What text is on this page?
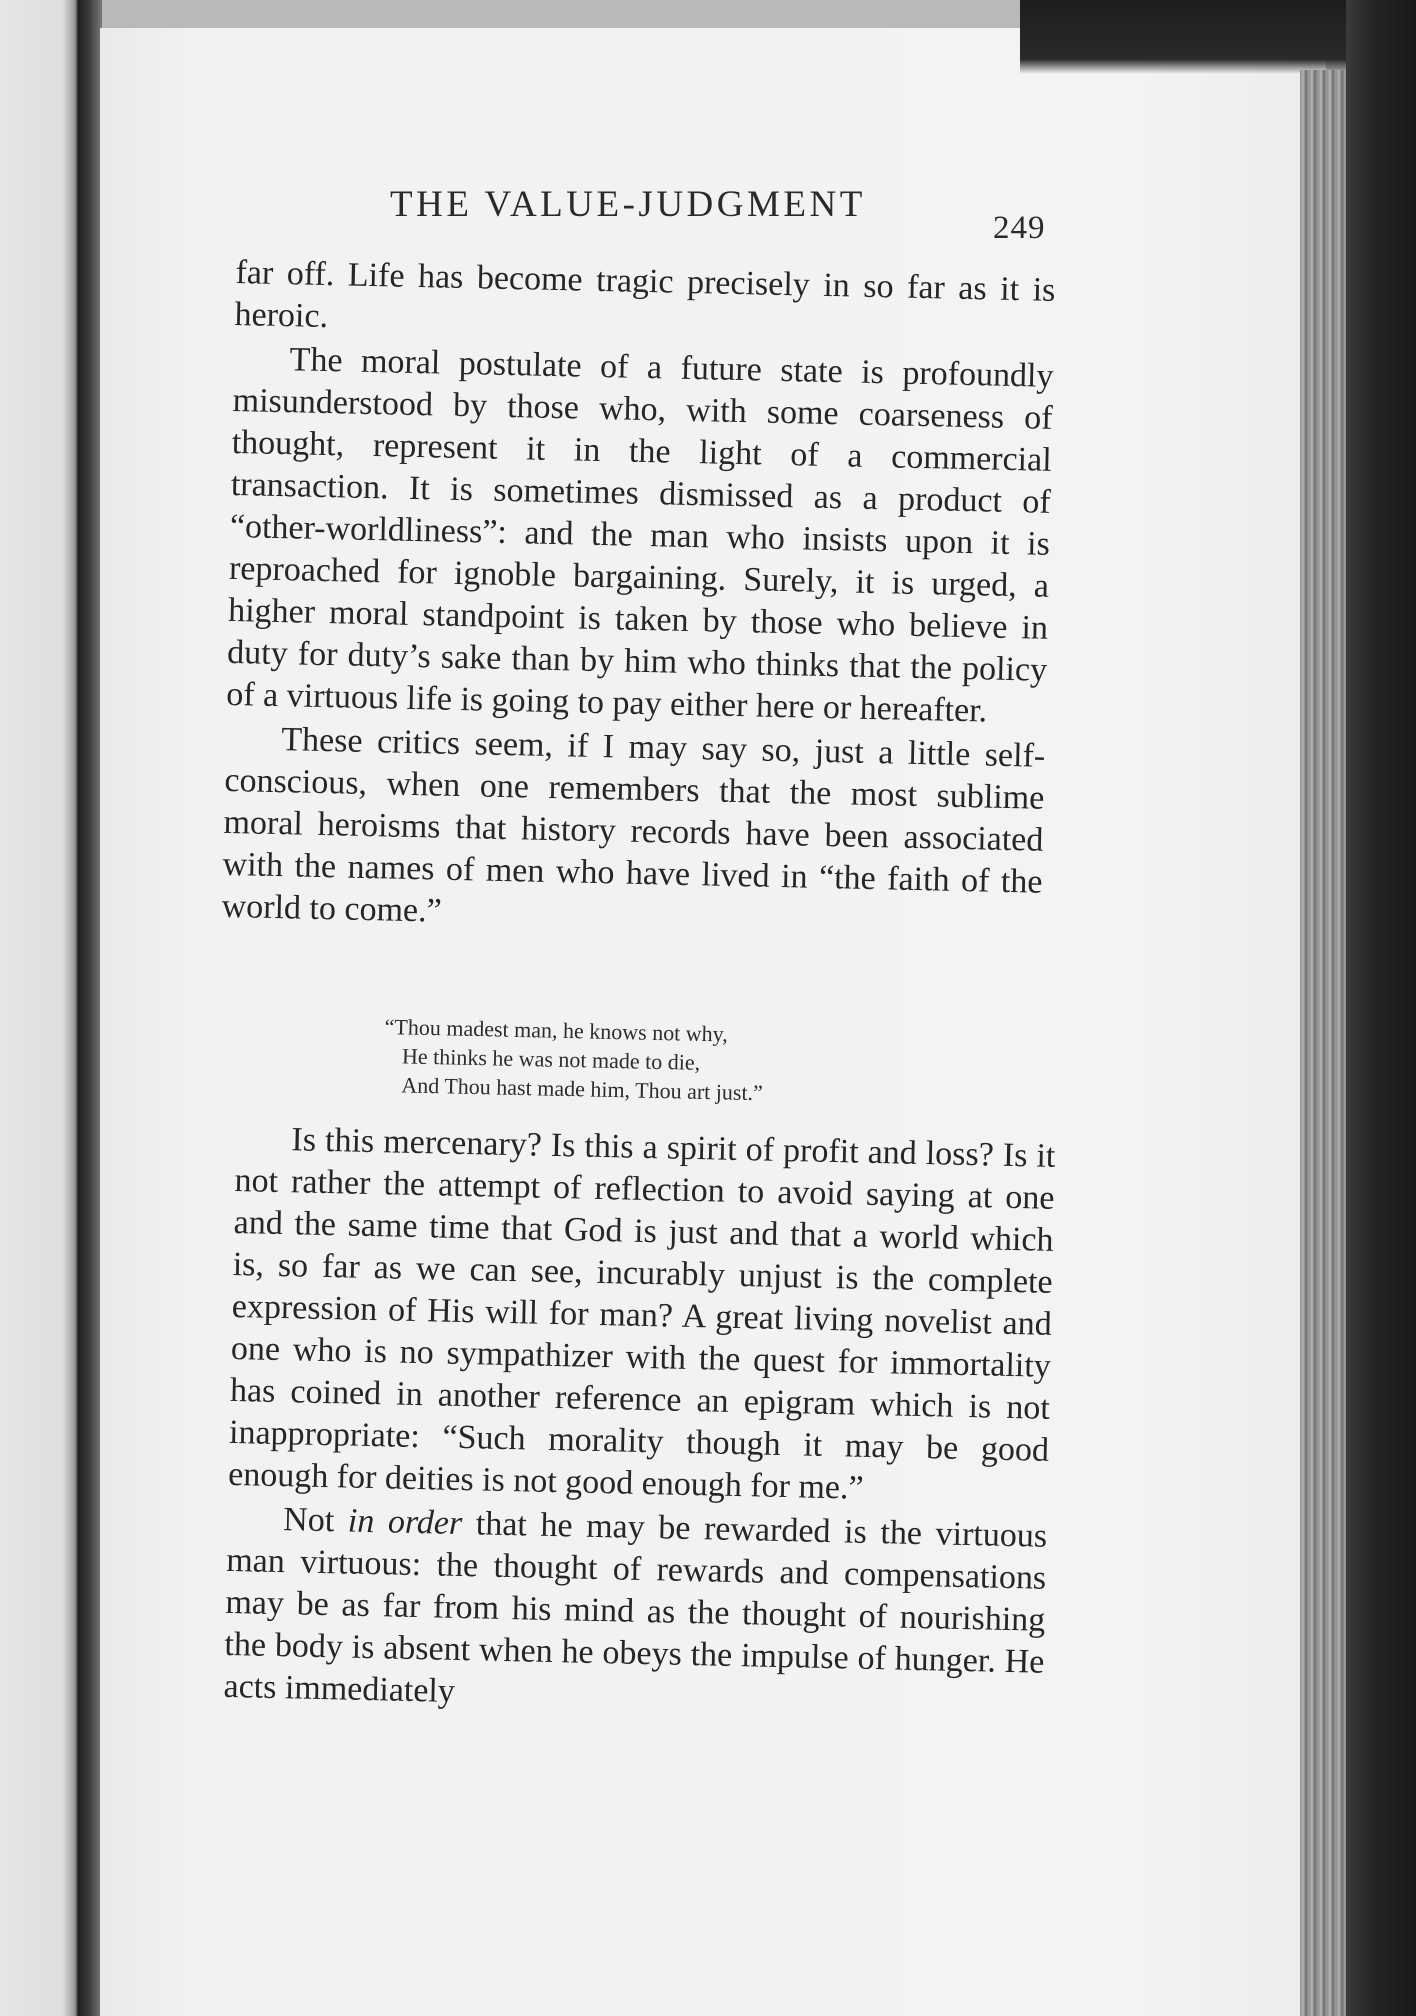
THE VALUE-JUDGMENT
249

far off. Life has become tragic precisely in so far as it is heroic.

The moral postulate of a future state is profoundly misunderstood by those who, with some coarseness of thought, represent it in the light of a commercial transaction. It is sometimes dismissed as a product of “other-worldliness”: and the man who insists upon it is reproached for ignoble bargaining. Surely, it is urged, a higher moral standpoint is taken by those who believe in duty for duty’s sake than by him who thinks that the policy of a virtuous life is going to pay either here or hereafter.

These critics seem, if I may say so, just a little self-conscious, when one remembers that the most sublime moral heroisms that history records have been associated with the names of men who have lived in “the faith of the world to come.”

“Thou madest man, he knows not why,
He thinks he was not made to die,
And Thou hast made him, Thou art just.”

Is this mercenary? Is this a spirit of profit and loss? Is it not rather the attempt of reflection to avoid saying at one and the same time that God is just and that a world which is, so far as we can see, incurably unjust is the complete expression of His will for man? A great living novelist and one who is no sympathizer with the quest for immortality has coined in another reference an epigram which is not inappropriate: “Such morality though it may be good enough for deities is not good enough for me.”

Not in order that he may be rewarded is the virtuous man virtuous: the thought of rewards and compensations may be as far from his mind as the thought of nourishing the body is absent when he obeys the impulse of hunger. He acts immediately
